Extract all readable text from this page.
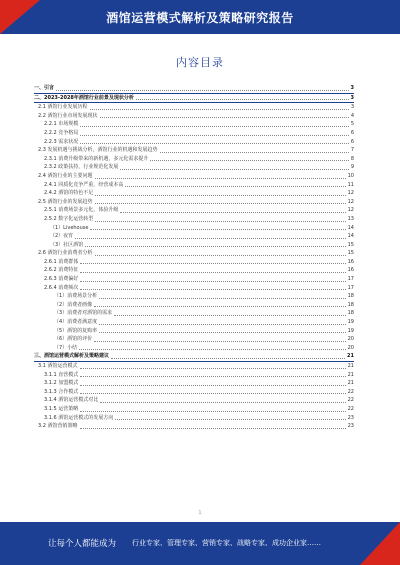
酒馆运营模式解析及策略研究报告
内容目录
一、引言	3
二、2023-2028年酒馆行业前景及现状分析	3
2.1 酒馆行业发展历程	3
2.2 酒馆行业市场发展现状	4
2.2.1 市场规模	5
2.2.2 竞争格局	6
2.2.3 需求状况	6
2.3 发展机遇与挑战分析，酒馆行业的机遇和发展趋势	7
2.3.1 消费升级带来的新机遇，多元化需求提升	8
2.3.2 政策扶持，行业规范化发展	9
2.4 酒馆行业的主要问题	10
2.4.1 同质化竞争严重，经营成本高	11
2.4.2 酒馆的特色不足	12
2.5 酒馆行业的发展趋势	12
2.5.1 消费场景多元化，体验升级	12
2.5.2 数字化运营转型	13
（1）Livehouse	14
（2）夜宵	14
（3）社区酒馆	15
2.6 酒馆行业消费者分析	15
2.6.1 消费群体	16
2.6.2 消费特征	16
2.6.3 消费偏好	17
2.6.4 消费频次	17
（1）消费场景分析	18
（2）消费者画像	18
（3）消费者对酒馆的需求	18
（4）消费者满意度	19
（5）酒馆的复购率	19
（6）酒馆的评价	20
（7）小结	20
三、酒馆运营模式解析及策略建议	21
3.1 酒馆运营模式	21
3.1.1 直营模式	21
3.1.2 加盟模式	21
3.1.3 合作模式	22
3.1.4 酒馆运营模式对比	22
3.1.5 运营策略	22
3.1.6 酒馆运营模式的发展方向	23
3.2 酒馆营销策略	23
1
让每个人都能成为 行业专家、管理专家、营销专家、战略专家、成功企业家……
